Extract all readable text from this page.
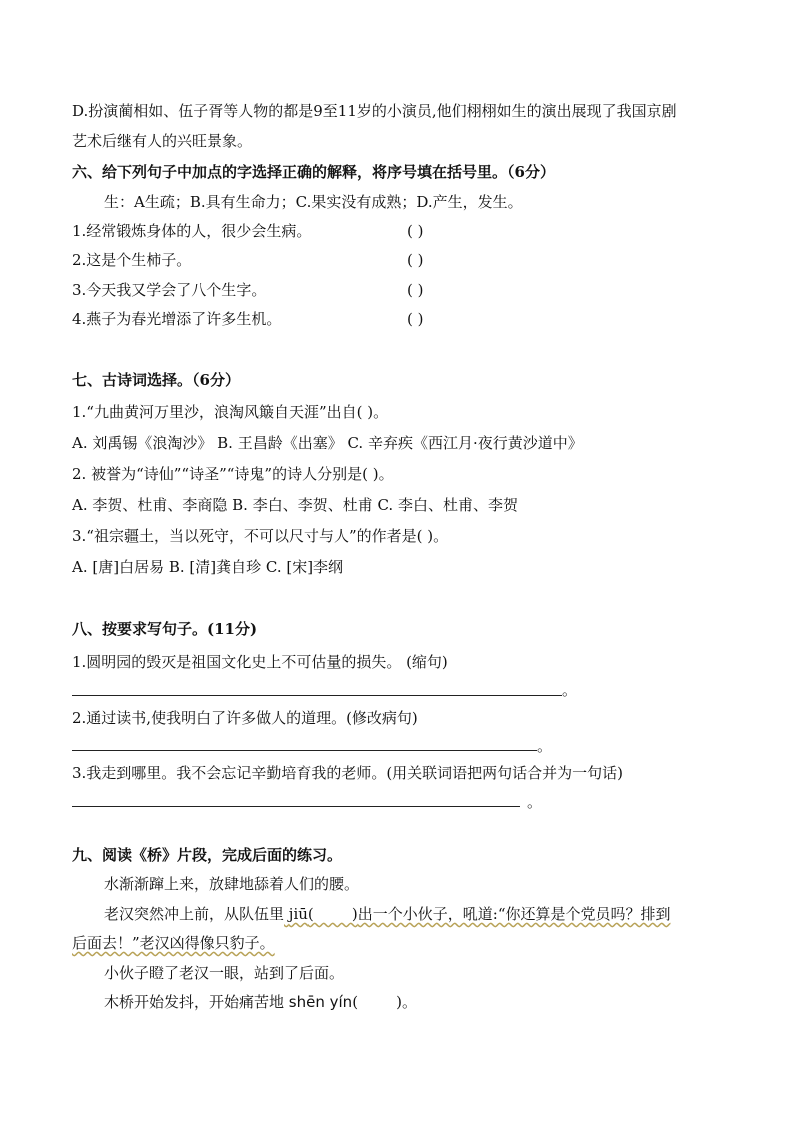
D.扮演蔺相如、伍子胥等人物的都是9至11岁的小演员,他们栩栩如生的演出展现了我国京剧
艺术后继有人的兴旺景象。
六、给下列句子中加点的字选择正确的解释，将序号填在括号里。（6分）
生：A生疏；B.具有生命力；C.果实没有成熟；D.产生，发生。
1.经常锻炼身体的人，很少会生病。	( )
2.这是个生柿子。	( )
3.今天我又学会了八个生字。	( )
4.燕子为春光增添了许多生机。	( )
七、古诗词选择。（6分）
1.“九曲黄河万里沙，浪淘风簸自天涯”出自( )。
A. 刘禹锡《浪淘沙》 B. 王昌龄《出塞》 C. 辛弃疾《西江月·夜行黄沙道中》
2. 被誉为“诗仙”“诗圣”“诗鬼”的诗人分别是( )。
A. 李贺、杜甫、李商隐 B. 李白、李贺、杜甫 C. 李白、杜甫、李贺
3.“祖宗疆土，当以死守，不可以尺寸与人”的作者是( )。
A. [唐]白居易 B. [清]龚自珍 C. [宋]李纲
八、按要求写句子。(11分)
1.圆明园的毁灭是祖国文化史上不可估量的损失。 (缩句)
。
2.通过读书,使我明白了许多做人的道理。(修改病句)
。
3.我走到哪里。我不会忘记辛勤培育我的老师。(用关联词语把两句话合并为一句话)
。
九、阅读《桥》片段，完成后面的练习。
水渐渐蹿上来，放肆地舔着人们的腰。
老汉突然冲上前，从队伍里 jiū(        )出一个小伙子，吼道:“你还算是个党员吗？排到
后面去！”老汉凶得像只豹子。
小伙子瞪了老汉一眼，站到了后面。
木桥开始发抖，开始痛苦地 shēn yín(        )。
